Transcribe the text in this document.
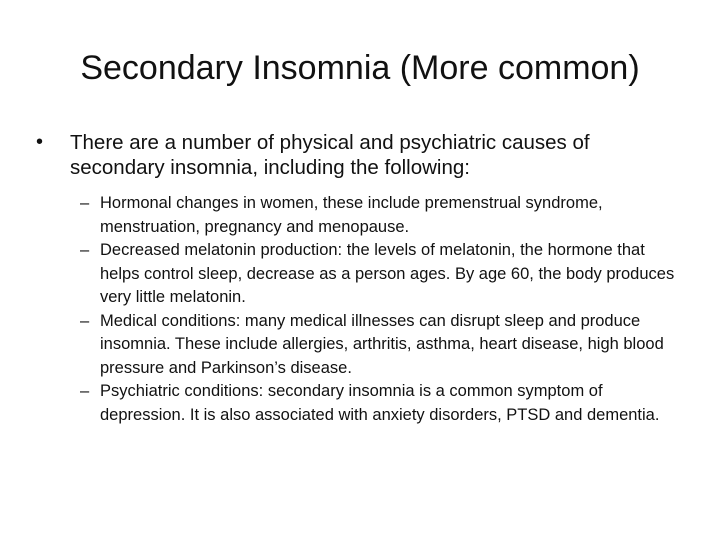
Secondary Insomnia (More common)
•	There are a number of physical and psychiatric causes of secondary insomnia, including the following:
– Hormonal changes in women, these include premenstrual syndrome, menstruation, pregnancy and menopause.
– Decreased melatonin production: the levels of melatonin, the hormone that helps control sleep, decrease as a person ages. By age 60, the body produces very little melatonin.
– Medical conditions: many medical illnesses can disrupt sleep and produce insomnia. These include allergies, arthritis, asthma, heart disease, high blood pressure and Parkinson’s disease.
– Psychiatric conditions: secondary insomnia is a common symptom of depression. It is also associated with anxiety disorders, PTSD and dementia.
